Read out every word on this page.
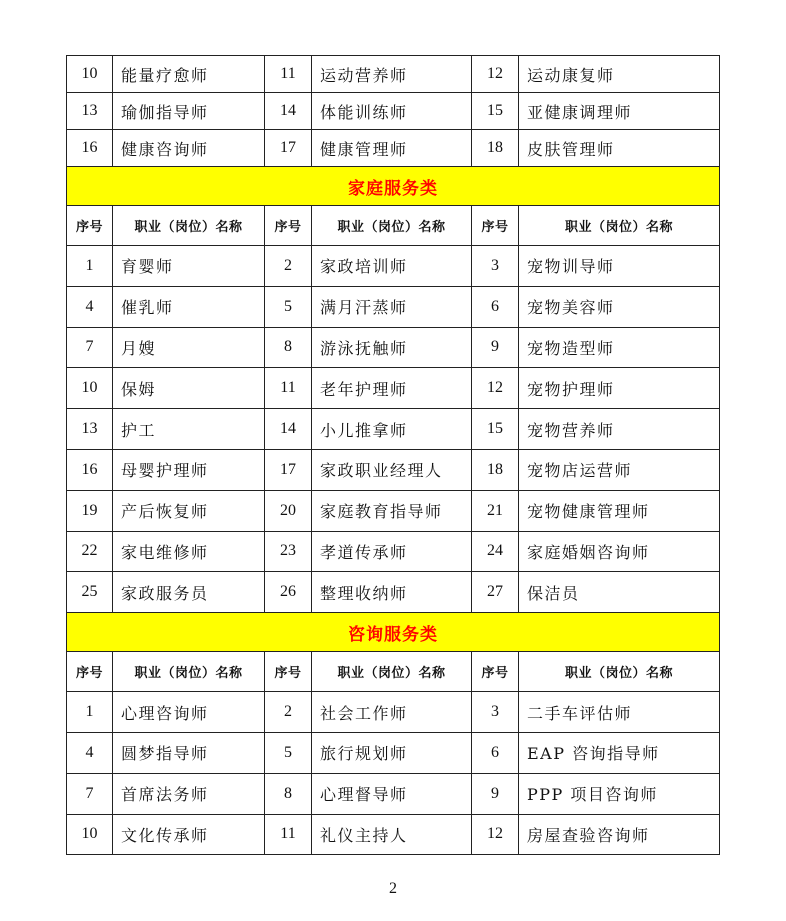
10	能量疗愈师	11	运动营养师	12	运动康复师
13	瑜伽指导师	14	体能训练师	15	亚健康调理师
16	健康咨询师	17	健康管理师	18	皮肤管理师
家庭服务类					
序号	职业（岗位）名称	序号	职业（岗位）名称	序号	职业（岗位）名称
1	育婴师	2	家政培训师	3	宠物训导师
4	催乳师	5	满月汗蒸师	6	宠物美容师
7	月嫂	8	游泳抚触师	9	宠物造型师
10	保姆	11	老年护理师	12	宠物护理师
13	护工	14	小儿推拿师	15	宠物营养师
16	母婴护理师	17	家政职业经理人	18	宠物店运营师
19	产后恢复师	20	家庭教育指导师	21	宠物健康管理师
22	家电维修师	23	孝道传承师	24	家庭婚姻咨询师
25	家政服务员	26	整理收纳师	27	保洁员
咨询服务类					
序号	职业（岗位）名称	序号	职业（岗位）名称	序号	职业（岗位）名称
1	心理咨询师	2	社会工作师	3	二手车评估师
4	圆梦指导师	5	旅行规划师	6	EAP 咨询指导师
7	首席法务师	8	心理督导师	9	PPP 项目咨询师
10	文化传承师	11	礼仪主持人	12	房屋查验咨询师
2
